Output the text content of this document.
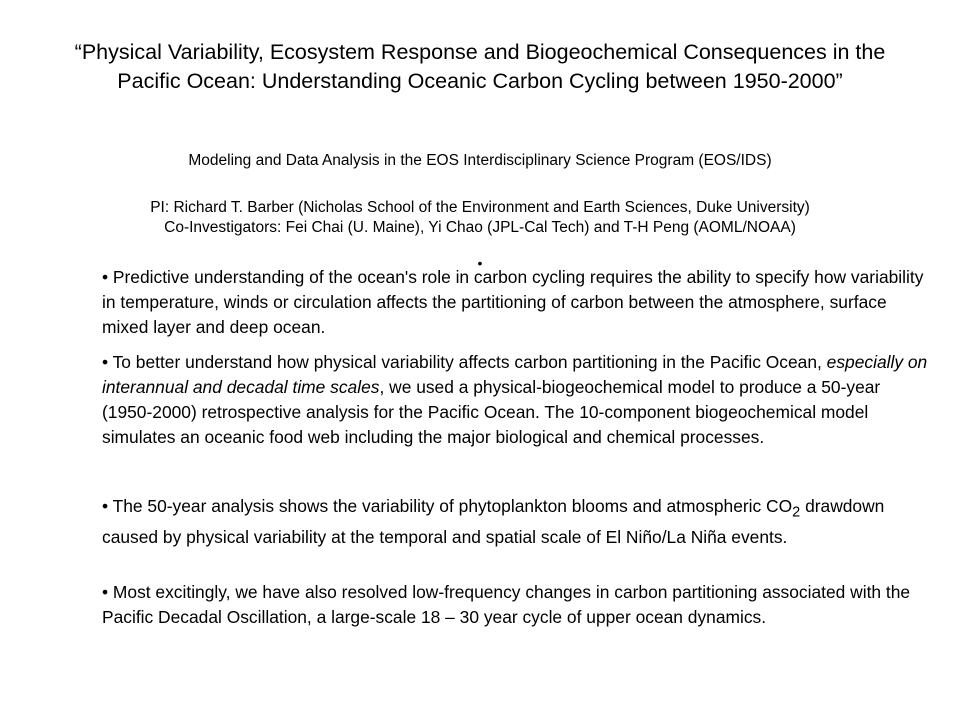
“Physical Variability, Ecosystem Response and Biogeochemical Consequences in the Pacific Ocean: Understanding Oceanic Carbon Cycling between 1950-2000”
Modeling and Data Analysis in the EOS Interdisciplinary Science Program (EOS/IDS)
PI: Richard T. Barber (Nicholas School of the Environment and Earth Sciences, Duke University)
Co-Investigators: Fei Chai (U. Maine), Yi Chao (JPL-Cal Tech) and T-H Peng (AOML/NOAA)
•

• Predictive understanding of the ocean's role in carbon cycling requires the ability to specify how variability in temperature, winds or circulation affects the partitioning of carbon between the atmosphere, surface mixed layer and deep ocean.

• To better understand how physical variability affects carbon partitioning in the Pacific Ocean, especially on interannual and decadal time scales, we used a physical-biogeochemical model to produce a 50-year (1950-2000) retrospective analysis for the Pacific Ocean. The 10-component biogeochemical model simulates an oceanic food web including the major biological and chemical processes.

• The 50-year analysis shows the variability of phytoplankton blooms and atmospheric $CO_2$ drawdown caused by physical variability at the temporal and spatial scale of El Niño/La Niña events.

• Most excitingly, we have also resolved low-frequency changes in carbon partitioning associated with the Pacific Decadal Oscillation, a large-scale 18 – 30 year cycle of upper ocean dynamics.
